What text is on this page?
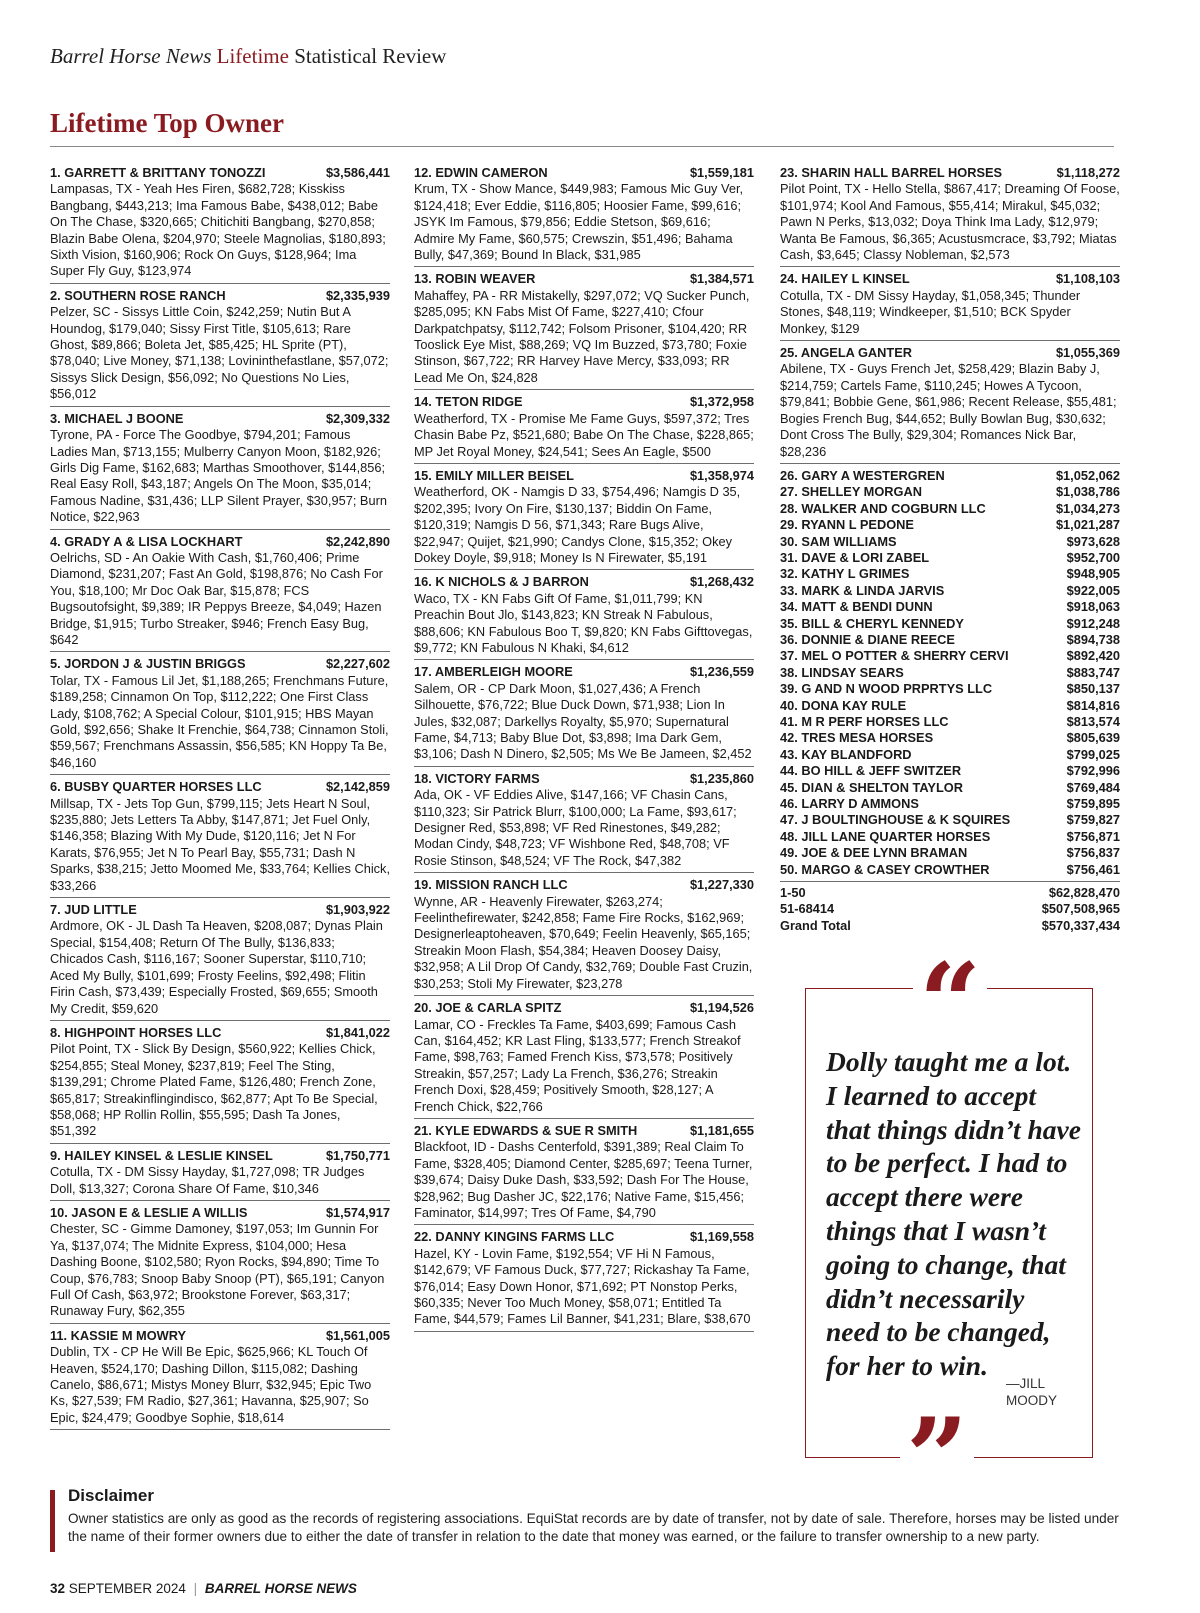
Barrel Horse News Lifetime Statistical Review
Lifetime Top Owner
1. GARRETT & BRITTANY TONOZZI	$3,586,441
Lampasas, TX - Yeah Hes Firen, $682,728; Kisskiss Bangbang, $443,213; Ima Famous Babe, $438,012; Babe On The Chase, $320,665; Chitichiti Bangbang, $270,858; Blazin Babe Olena, $204,970; Steele Magnolias, $180,893; Sixth Vision, $160,906; Rock On Guys, $128,964; Ima Super Fly Guy, $123,974
2. SOUTHERN ROSE RANCH	$2,335,939
Pelzer, SC - Sissys Little Coin, $242,259; Nutin But A Houndog, $179,040; Sissy First Title, $105,613; Rare Ghost, $89,866; Boleta Jet, $85,425; HL Sprite (PT), $78,040; Live Money, $71,138; Lovininthefastlane, $57,072; Sissys Slick Design, $56,092; No Questions No Lies, $56,012
3. MICHAEL J BOONE	$2,309,332
Tyrone, PA - Force The Goodbye, $794,201; Famous Ladies Man, $713,155; Mulberry Canyon Moon, $182,926; Girls Dig Fame, $162,683; Marthas Smoothover, $144,856; Real Easy Roll, $43,187; Angels On The Moon, $35,014; Famous Nadine, $31,436; LLP Silent Prayer, $30,957; Burn Notice, $22,963
4. GRADY A & LISA LOCKHART	$2,242,890
Oelrichs, SD - An Oakie With Cash, $1,760,406; Prime Diamond, $231,207; Fast An Gold, $198,876; No Cash For You, $18,100; Mr Doc Oak Bar, $15,878; FCS Bugsoutofsight, $9,389; IR Peppys Breeze, $4,049; Hazen Bridge, $1,915; Turbo Streaker, $946; French Easy Bug, $642
5. JORDON J & JUSTIN BRIGGS	$2,227,602
Tolar, TX - Famous Lil Jet, $1,188,265; Frenchmans Future, $189,258; Cinnamon On Top, $112,222; One First Class Lady, $108,762; A Special Colour, $101,915; HBS Mayan Gold, $92,656; Shake It Frenchie, $64,738; Cinnamon Stoli, $59,567; Frenchmans Assassin, $56,585; KN Hoppy Ta Be, $46,160
6. BUSBY QUARTER HORSES LLC	$2,142,859
Millsap, TX - Jets Top Gun, $799,115; Jets Heart N Soul, $235,880; Jets Letters Ta Abby, $147,871; Jet Fuel Only, $146,358; Blazing With My Dude, $120,116; Jet N For Karats, $76,955; Jet N To Pearl Bay, $55,731; Dash N Sparks, $38,215; Jetto Moomed Me, $33,764; Kellies Chick, $33,266
7. JUD LITTLE	$1,903,922
Ardmore, OK - JL Dash Ta Heaven, $208,087; Dynas Plain Special, $154,408; Return Of The Bully, $136,833; Chicados Cash, $116,167; Sooner Superstar, $110,710; Aced My Bully, $101,699; Frosty Feelins, $92,498; Flitin Firin Cash, $73,439; Especially Frosted, $69,655; Smooth My Credit, $59,620
8. HIGHPOINT HORSES LLC	$1,841,022
Pilot Point, TX - Slick By Design, $560,922; Kellies Chick, $254,855; Steal Money, $237,819; Feel The Sting, $139,291; Chrome Plated Fame, $126,480; French Zone, $65,817; Streakinflingindisco, $62,877; Apt To Be Special, $58,068; HP Rollin Rollin, $55,595; Dash Ta Jones, $51,392
9. HAILEY KINSEL & LESLIE KINSEL	$1,750,771
Cotulla, TX - DM Sissy Hayday, $1,727,098; TR Judges Doll, $13,327; Corona Share Of Fame, $10,346
10. JASON E & LESLIE A WILLIS	$1,574,917
Chester, SC - Gimme Damoney, $197,053; Im Gunnin For Ya, $137,074; The Midnite Express, $104,000; Hesa Dashing Boone, $102,580; Ryon Rocks, $94,890; Time To Coup, $76,783; Snoop Baby Snoop (PT), $65,191; Canyon Full Of Cash, $63,972; Brookstone Forever, $63,317; Runaway Fury, $62,355
11. KASSIE M MOWRY	$1,561,005
Dublin, TX - CP He Will Be Epic, $625,966; KL Touch Of Heaven, $524,170; Dashing Dillon, $115,082; Dashing Canelo, $86,671; Mistys Money Blurr, $32,945; Epic Two Ks, $27,539; FM Radio, $27,361; Havanna, $25,907; So Epic, $24,479; Goodbye Sophie, $18,614
12. EDWIN CAMERON	$1,559,181
Krum, TX - Show Mance, $449,983; Famous Mic Guy Ver, $124,418; Ever Eddie, $116,805; Hoosier Fame, $99,616; JSYK Im Famous, $79,856; Eddie Stetson, $69,616; Admire My Fame, $60,575; Crewszin, $51,496; Bahama Bully, $47,369; Bound In Black, $31,985
13. ROBIN WEAVER	$1,384,571
Mahaffey, PA - RR Mistakelly, $297,072; VQ Sucker Punch, $285,095; KN Fabs Mist Of Fame, $227,410; Cfour Darkpatchpatsy, $112,742; Folsom Prisoner, $104,420; RR Tooslick Eye Mist, $88,269; VQ Im Buzzed, $73,780; Foxie Stinson, $67,722; RR Harvey Have Mercy, $33,093; RR Lead Me On, $24,828
14. TETON RIDGE	$1,372,958
Weatherford, TX - Promise Me Fame Guys, $597,372; Tres Chasin Babe Pz, $521,680; Babe On The Chase, $228,865; MP Jet Royal Money, $24,541; Sees An Eagle, $500
15. EMILY MILLER BEISEL	$1,358,974
Weatherford, OK - Namgis D 33, $754,496; Namgis D 35, $202,395; Ivory On Fire, $130,137; Biddin On Fame, $120,319; Namgis D 56, $71,343; Rare Bugs Alive, $22,947; Quijet, $21,990; Candys Clone, $15,352; Okey Dokey Doyle, $9,918; Money Is N Firewater, $5,191
16. K NICHOLS & J BARRON	$1,268,432
Waco, TX - KN Fabs Gift Of Fame, $1,011,799; KN Preachin Bout Jlo, $143,823; KN Streak N Fabulous, $88,606; KN Fabulous Boo T, $9,820; KN Fabs Gifttovegas, $9,772; KN Fabulous N Khaki, $4,612
17. AMBERLEIGH MOORE	$1,236,559
Salem, OR - CP Dark Moon, $1,027,436; A French Silhouette, $76,722; Blue Duck Down, $71,938; Lion In Jules, $32,087; Darkellys Royalty, $5,970; Supernatural Fame, $4,713; Baby Blue Dot, $3,898; Ima Dark Gem, $3,106; Dash N Dinero, $2,505; Ms We Be Jameen, $2,452
18. VICTORY FARMS	$1,235,860
Ada, OK - VF Eddies Alive, $147,166; VF Chasin Cans, $110,323; Sir Patrick Blurr, $100,000; La Fame, $93,617; Designer Red, $53,898; VF Red Rinestones, $49,282; Modan Cindy, $48,723; VF Wishbone Red, $48,708; VF Rosie Stinson, $48,524; VF The Rock, $47,382
19. MISSION RANCH LLC	$1,227,330
Wynne, AR - Heavenly Firewater, $263,274; Feelinthefirewater, $242,858; Fame Fire Rocks, $162,969; Designerleaptoheaven, $70,649; Feelin Heavenly, $65,165; Streakin Moon Flash, $54,384; Heaven Doosey Daisy, $32,958; A Lil Drop Of Candy, $32,769; Double Fast Cruzin, $30,253; Stoli My Firewater, $23,278
20. JOE & CARLA SPITZ	$1,194,526
Lamar, CO - Freckles Ta Fame, $403,699; Famous Cash Can, $164,452; KR Last Fling, $133,577; French Streakof Fame, $98,763; Famed French Kiss, $73,578; Positively Streakin, $57,257; Lady La French, $36,276; Streakin French Doxi, $28,459; Positively Smooth, $28,127; A French Chick, $22,766
21. KYLE EDWARDS & SUE R SMITH	$1,181,655
Blackfoot, ID - Dashs Centerfold, $391,389; Real Claim To Fame, $328,405; Diamond Center, $285,697; Teena Turner, $39,674; Daisy Duke Dash, $33,592; Dash For The House, $28,962; Bug Dasher JC, $22,176; Native Fame, $15,456; Faminator, $14,997; Tres Of Fame, $4,790
22. DANNY KINGINS FARMS LLC	$1,169,558
Hazel, KY - Lovin Fame, $192,554; VF Hi N Famous, $142,679; VF Famous Duck, $77,727; Rickashay Ta Fame, $76,014; Easy Down Honor, $71,692; PT Nonstop Perks, $60,335; Never Too Much Money, $58,071; Entitled Ta Fame, $44,579; Fames Lil Banner, $41,231; Blare, $38,670
23. SHARIN HALL BARREL HORSES	$1,118,272
Pilot Point, TX - Hello Stella, $867,417; Dreaming Of Foose, $101,974; Kool And Famous, $55,414; Mirakul, $45,032; Pawn N Perks, $13,032; Doya Think Ima Lady, $12,979; Wanta Be Famous, $6,365; Acustusmcrace, $3,792; Miatas Cash, $3,645; Classy Nobleman, $2,573
24. HAILEY L KINSEL	$1,108,103
Cotulla, TX - DM Sissy Hayday, $1,058,345; Thunder Stones, $48,119; Windkeeper, $1,510; BCK Spyder Monkey, $129
25. ANGELA GANTER	$1,055,369
Abilene, TX - Guys French Jet, $258,429; Blazin Baby J, $214,759; Cartels Fame, $110,245; Howes A Tycoon, $79,841; Bobbie Gene, $61,986; Recent Release, $55,481; Bogies French Bug, $44,652; Bully Bowlan Bug, $30,632; Dont Cross The Bully, $29,304; Romances Nick Bar, $28,236
26. GARY A WESTERGREN	$1,052,062
27. SHELLEY MORGAN	$1,038,786
28. WALKER AND COGBURN LLC	$1,034,273
29. RYANN L PEDONE	$1,021,287
30. SAM WILLIAMS	$973,628
31. DAVE & LORI ZABEL	$952,700
32. KATHY L GRIMES	$948,905
33. MARK & LINDA JARVIS	$922,005
34. MATT & BENDI DUNN	$918,063
35. BILL & CHERYL KENNEDY	$912,248
36. DONNIE & DIANE REECE	$894,738
37. MEL O POTTER & SHERRY CERVI	$892,420
38. LINDSAY SEARS	$883,747
39. G AND N WOOD PRPRTYS LLC	$850,137
40. DONA KAY RULE	$814,816
41. M R PERF HORSES LLC	$813,574
42. TRES MESA HORSES	$805,639
43. KAY BLANDFORD	$799,025
44. BO HILL & JEFF SWITZER	$792,996
45. DIAN & SHELTON TAYLOR	$769,484
46. LARRY D AMMONS	$759,895
47. J BOULTINGHOUSE & K SQUIRES	$759,827
48. JILL LANE QUARTER HORSES	$756,871
49. JOE & DEE LYNN BRAMAN	$756,837
50. MARGO & CASEY CROWTHER	$756,461
1-50	$62,828,470
51-68414	$507,508,965
Grand Total	$570,337,434
“
Dolly taught me a lot. I learned to accept that things didn’t have to be perfect. I had to accept there were things that I wasn’t going to change, that didn’t necessarily need to be changed, for her to win.
—JILL MOODY
”
Disclaimer
Owner statistics are only as good as the records of registering associations. EquiStat records are by date of transfer, not by date of sale. Therefore, horses may be listed under the name of their former owners due to either the date of transfer in relation to the date that money was earned, or the failure to transfer ownership to a new party.
32 SEPTEMBER 2024 | BARREL HORSE NEWS
